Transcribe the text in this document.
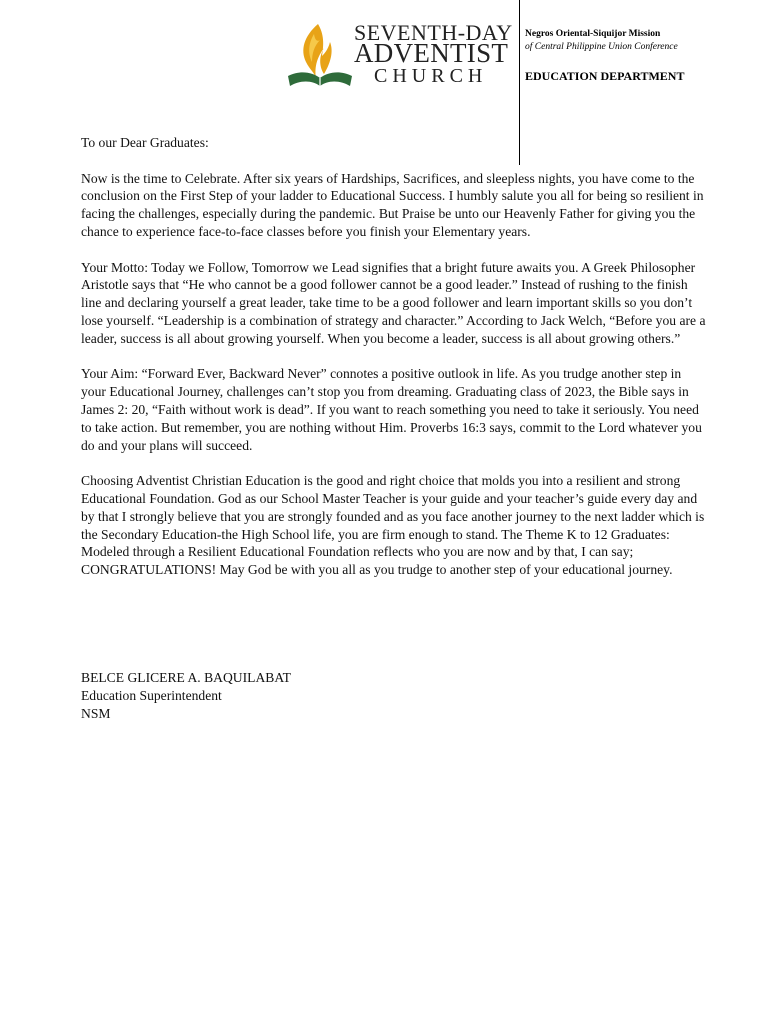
SEVENTH-DAY
ADVENTIST
CHURCH
Negros Oriental-Siquijor Mission
of Central Philippine Union Conference
EDUCATION DEPARTMENT

To our Dear Graduates:

Now is the time to Celebrate. After six years of Hardships, Sacrifices, and sleepless nights, you have come to the conclusion on the First Step of your ladder to Educational Success. I humbly salute you all for being so resilient in facing the challenges, especially during the pandemic. But Praise be unto our Heavenly Father for giving you the chance to experience face-to-face classes before you finish your Elementary years.

Your Motto: Today we Follow, Tomorrow we Lead signifies that a bright future awaits you. A Greek Philosopher Aristotle says that “He who cannot be a good follower cannot be a good leader.” Instead of rushing to the finish line and declaring yourself a great leader, take time to be a good follower and learn important skills so you don’t lose yourself. “Leadership is a combination of strategy and character.” According to Jack Welch, “Before you are a leader, success is all about growing yourself. When you become a leader, success is all about growing others.”

Your Aim: “Forward Ever, Backward Never” connotes a positive outlook in life. As you trudge another step in your Educational Journey, challenges can’t stop you from dreaming. Graduating class of 2023, the Bible says in James 2: 20, “Faith without work is dead”. If you want to reach something you need to take it seriously. You need to take action. But remember, you are nothing without Him. Proverbs 16:3 says, commit to the Lord whatever you do and your plans will succeed.

Choosing Adventist Christian Education is the good and right choice that molds you into a resilient and strong Educational Foundation. God as our School Master Teacher is your guide and your teacher’s guide every day and by that I strongly believe that you are strongly founded and as you face another journey to the next ladder which is the Secondary Education-the High School life, you are firm enough to stand. The Theme K to 12 Graduates: Modeled through a Resilient Educational Foundation reflects who you are now and by that, I can say; CONGRATULATIONS! May God be with you all as you trudge to another step of your educational journey.

BELCE GLICERE A. BAQUILABAT
Education Superintendent
NSM
